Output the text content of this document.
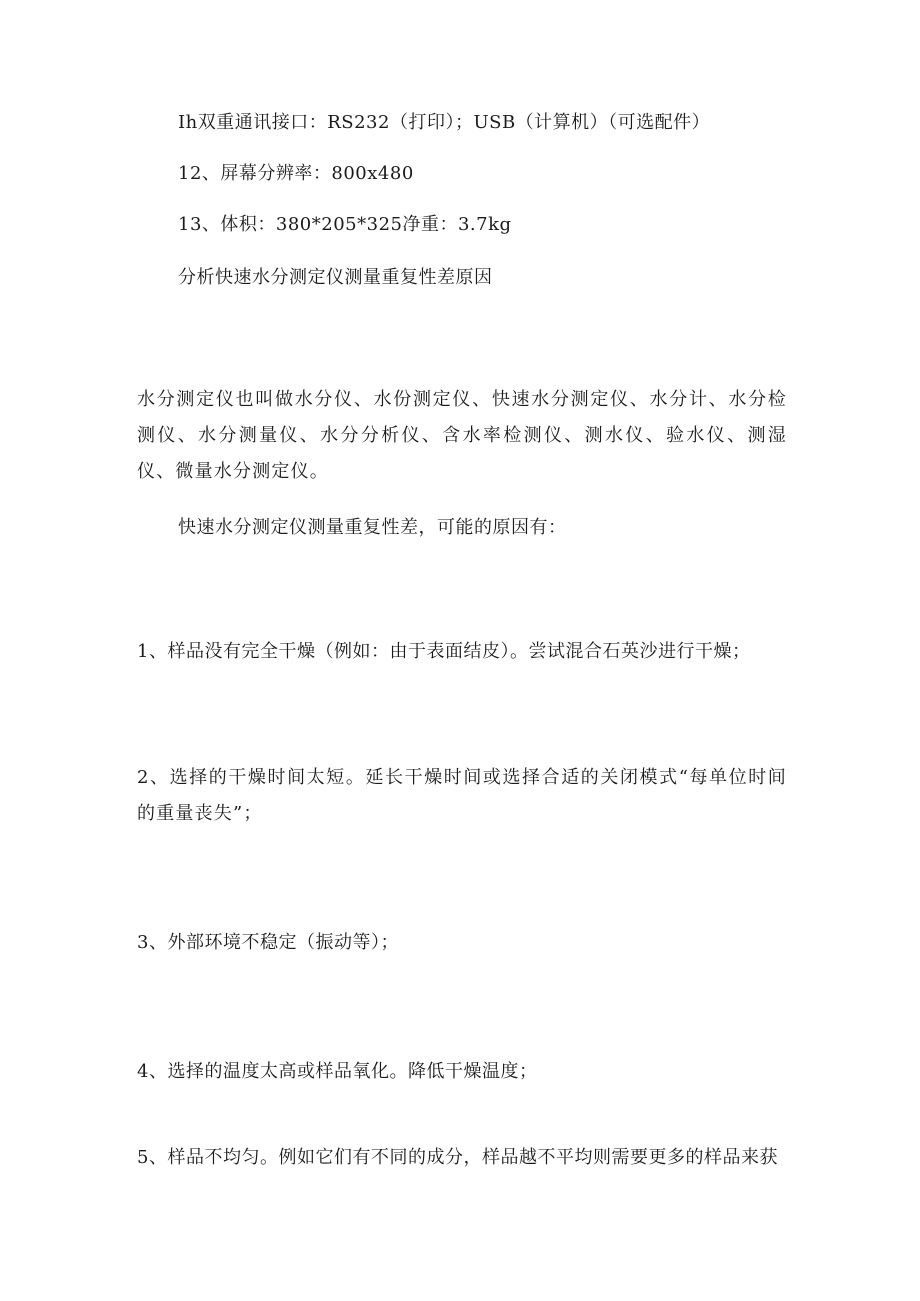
Ih双重通讯接口：RS232（打印）；USB（计算机）（可选配件）
12、屏幕分辨率：800x480
13、体积：380*205*325净重：3.7kg
分析快速水分测定仪测量重复性差原因
水分测定仪也叫做水分仪、水份测定仪、快速水分测定仪、水分计、水分检测仪、水分测量仪、水分分析仪、含水率检测仪、测水仪、验水仪、测湿仪、微量水分测定仪。
快速水分测定仪测量重复性差，可能的原因有：
1、样品没有完全干燥（例如：由于表面结皮）。尝试混合石英沙进行干燥；
2、选择的干燥时间太短。延长干燥时间或选择合适的关闭模式“每单位时间的重量丧失”；
3、外部环境不稳定（振动等）；
4、选择的温度太高或样品氧化。降低干燥温度；
5、样品不均匀。例如它们有不同的成分，样品越不平均则需要更多的样品来获
